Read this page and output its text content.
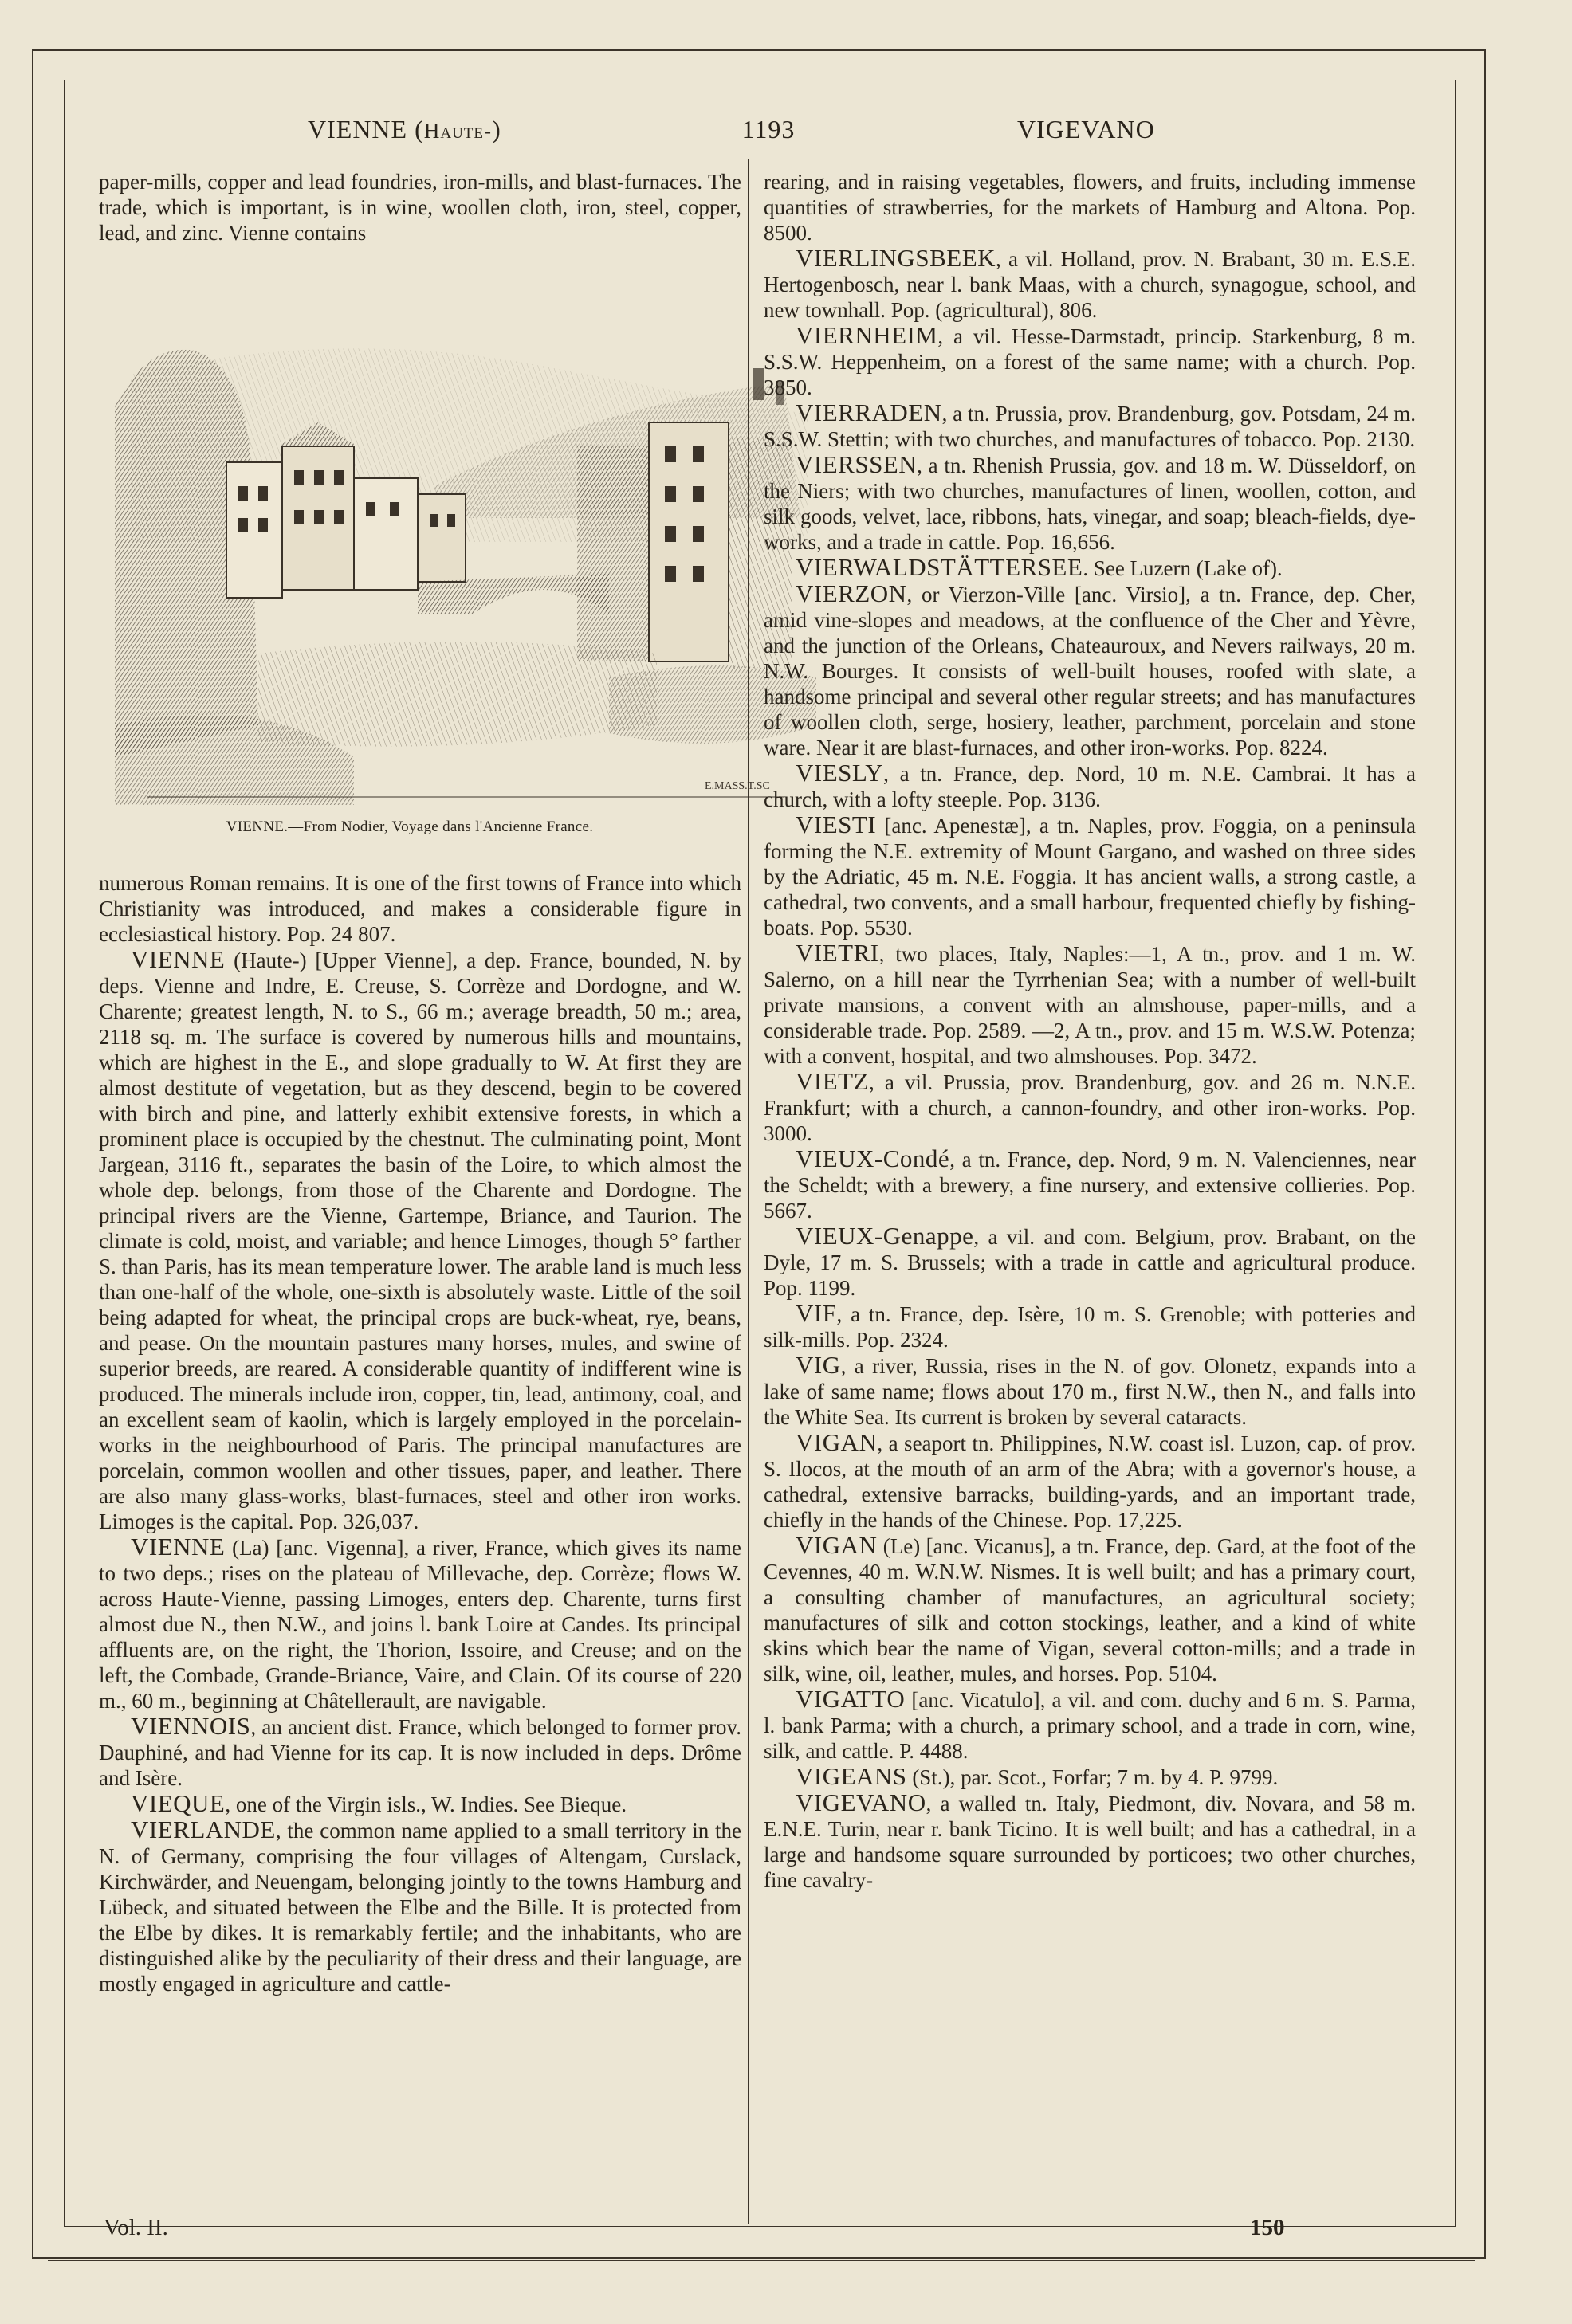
VIENNE (Haute-)	1193	VIGEVANO

paper-mills, copper and lead foundries, iron-mills, and blast-furnaces. The trade, which is important, is in wine, woollen cloth, iron, steel, copper, lead, and zinc. Vienne contains

E.MASS.T.SC
VIENNE.—From Nodier, Voyage dans l'Ancienne France.

numerous Roman remains. It is one of the first towns of France into which Christianity was introduced, and makes a considerable figure in ecclesiastical history. Pop. 24 807.

VIENNE (Haute-) [Upper Vienne], a dep. France, bounded, N. by deps. Vienne and Indre, E. Creuse, S. Corrèze and Dordogne, and W. Charente; greatest length, N. to S., 66 m.; average breadth, 50 m.; area, 2118 sq. m. The surface is covered by numerous hills and mountains, which are highest in the E., and slope gradually to W. At first they are almost destitute of vegetation, but as they descend, begin to be covered with birch and pine, and latterly exhibit extensive forests, in which a prominent place is occupied by the chestnut. The culminating point, Mont Jargean, 3116 ft., separates the basin of the Loire, to which almost the whole dep. belongs, from those of the Charente and Dordogne. The principal rivers are the Vienne, Gartempe, Briance, and Taurion. The climate is cold, moist, and variable; and hence Limoges, though 5° farther S. than Paris, has its mean temperature lower. The arable land is much less than one-half of the whole, one-sixth is absolutely waste. Little of the soil being adapted for wheat, the principal crops are buck-wheat, rye, beans, and pease. On the mountain pastures many horses, mules, and swine of superior breeds, are reared. A considerable quantity of indifferent wine is produced. The minerals include iron, copper, tin, lead, antimony, coal, and an excellent seam of kaolin, which is largely employed in the porcelain-works in the neighbourhood of Paris. The principal manufactures are porcelain, common woollen and other tissues, paper, and leather. There are also many glass-works, blast-furnaces, steel and other iron works. Limoges is the capital. Pop. 326,037.

VIENNE (La) [anc. Vigenna], a river, France, which gives its name to two deps.; rises on the plateau of Millevache, dep. Corrèze; flows W. across Haute-Vienne, passing Limoges, enters dep. Charente, turns first almost due N., then N.W., and joins l. bank Loire at Candes. Its principal affluents are, on the right, the Thorion, Issoire, and Creuse; and on the left, the Combade, Grande-Briance, Vaire, and Clain. Of its course of 220 m., 60 m., beginning at Châtellerault, are navigable.

VIENNOIS, an ancient dist. France, which belonged to former prov. Dauphiné, and had Vienne for its cap. It is now included in deps. Drôme and Isère.

VIEQUE, one of the Virgin isls., W. Indies. See Bieque.

VIERLANDE, the common name applied to a small territory in the N. of Germany, comprising the four villages of Altengam, Curslack, Kirchwärder, and Neuengam, belonging jointly to the towns Hamburg and Lübeck, and situated between the Elbe and the Bille. It is protected from the Elbe by dikes. It is remarkably fertile; and the inhabitants, who are distinguished alike by the peculiarity of their dress and their language, are mostly engaged in agriculture and cattle-

rearing, and in raising vegetables, flowers, and fruits, including immense quantities of strawberries, for the markets of Hamburg and Altona. Pop. 8500.

VIERLINGSBEEK, a vil. Holland, prov. N. Brabant, 30 m. E.S.E. Hertogenbosch, near l. bank Maas, with a church, synagogue, school, and new townhall. Pop. (agricultural), 806.

VIERNHEIM, a vil. Hesse-Darmstadt, princip. Starkenburg, 8 m. S.S.W. Heppenheim, on a forest of the same name; with a church. Pop. 3850.

VIERRADEN, a tn. Prussia, prov. Brandenburg, gov. Potsdam, 24 m. S.S.W. Stettin; with two churches, and manufactures of tobacco. Pop. 2130.

VIERSSEN, a tn. Rhenish Prussia, gov. and 18 m. W. Düsseldorf, on the Niers; with two churches, manufactures of linen, woollen, cotton, and silk goods, velvet, lace, ribbons, hats, vinegar, and soap; bleach-fields, dye-works, and a trade in cattle. Pop. 16,656.

VIERWALDSTÄTTERSEE. See Luzern (Lake of).

VIERZON, or Vierzon-Ville [anc. Virsio], a tn. France, dep. Cher, amid vine-slopes and meadows, at the confluence of the Cher and Yèvre, and the junction of the Orleans, Chateauroux, and Nevers railways, 20 m. N.W. Bourges. It consists of well-built houses, roofed with slate, a handsome principal and several other regular streets; and has manufactures of woollen cloth, serge, hosiery, leather, parchment, porcelain and stone ware. Near it are blast-furnaces, and other iron-works. Pop. 8224.

VIESLY, a tn. France, dep. Nord, 10 m. N.E. Cambrai. It has a church, with a lofty steeple. Pop. 3136.

VIESTI [anc. Apenestæ], a tn. Naples, prov. Foggia, on a peninsula forming the N.E. extremity of Mount Gargano, and washed on three sides by the Adriatic, 45 m. N.E. Foggia. It has ancient walls, a strong castle, a cathedral, two convents, and a small harbour, frequented chiefly by fishing-boats. Pop. 5530.

VIETRI, two places, Italy, Naples:—1, A tn., prov. and 1 m. W. Salerno, on a hill near the Tyrrhenian Sea; with a number of well-built private mansions, a convent with an almshouse, paper-mills, and a considerable trade. Pop. 2589. —2, A tn., prov. and 15 m. W.S.W. Potenza; with a convent, hospital, and two almshouses. Pop. 3472.

VIETZ, a vil. Prussia, prov. Brandenburg, gov. and 26 m. N.N.E. Frankfurt; with a church, a cannon-foundry, and other iron-works. Pop. 3000.

VIEUX-Condé, a tn. France, dep. Nord, 9 m. N. Valenciennes, near the Scheldt; with a brewery, a fine nursery, and extensive collieries. Pop. 5667.

VIEUX-Genappe, a vil. and com. Belgium, prov. Brabant, on the Dyle, 17 m. S. Brussels; with a trade in cattle and agricultural produce. Pop. 1199.

VIF, a tn. France, dep. Isère, 10 m. S. Grenoble; with potteries and silk-mills. Pop. 2324.

VIG, a river, Russia, rises in the N. of gov. Olonetz, expands into a lake of same name; flows about 170 m., first N.W., then N., and falls into the White Sea. Its current is broken by several cataracts.

VIGAN, a seaport tn. Philippines, N.W. coast isl. Luzon, cap. of prov. S. Ilocos, at the mouth of an arm of the Abra; with a governor's house, a cathedral, extensive barracks, building-yards, and an important trade, chiefly in the hands of the Chinese. Pop. 17,225.

VIGAN (Le) [anc. Vicanus], a tn. France, dep. Gard, at the foot of the Cevennes, 40 m. W.N.W. Nismes. It is well built; and has a primary court, a consulting chamber of manufactures, an agricultural society; manufactures of silk and cotton stockings, leather, and a kind of white skins which bear the name of Vigan, several cotton-mills; and a trade in silk, wine, oil, leather, mules, and horses. Pop. 5104.

VIGATTO [anc. Vicatulo], a vil. and com. duchy and 6 m. S. Parma, l. bank Parma; with a church, a primary school, and a trade in corn, wine, silk, and cattle. P. 4488.

VIGEANS (St.), par. Scot., Forfar; 7 m. by 4. P. 9799.

VIGEVANO, a walled tn. Italy, Piedmont, div. Novara, and 58 m. E.N.E. Turin, near r. bank Ticino. It is well built; and has a cathedral, in a large and handsome square surrounded by porticoes; two other churches, fine cavalry-

Vol. II.	150
